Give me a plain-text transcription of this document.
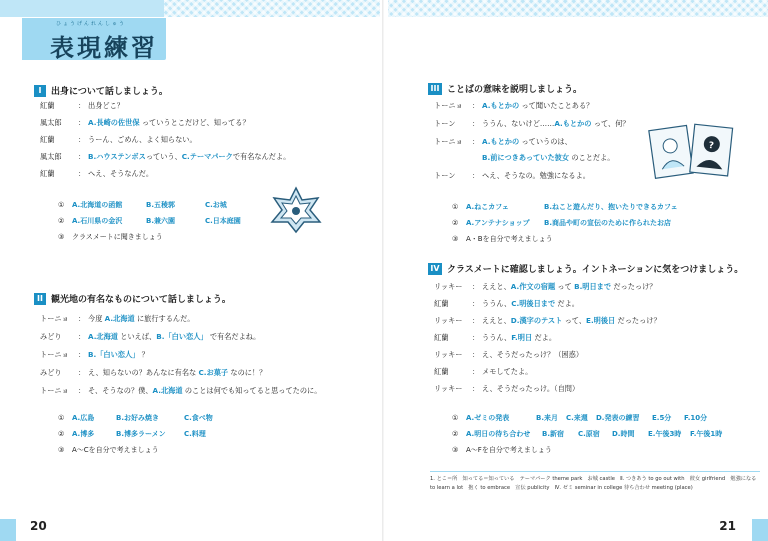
ひょうげんれんしゅう
表現練習
I	出身について話しましょう。
紅蘭	： 出身どこ？
風太郎 ： A.長崎の佐世保 っていうとこだけど、知ってる？
紅蘭	： うーん、ごめん、よく知らない。
風太郎 ： B.ハウステンボスっていう、C.テーマパークで有名なんだよ。
紅蘭	： へえ、そうなんだ。
① A.北海道の函館	B.五稜郭	C.お城
② A.石川県の金沢	B.兼六園	C.日本庭園
③ クラスメートに聞きましょう
II 観光地の有名なものについて話しましょう。
トーニョ ： 今度 A.北海道 に旅行するんだ。
みどり ： A.北海道 といえば、B.「白い恋人」 で有名だよね。
トーニョ ： B.「白い恋人」 ？
みどり ： え、知らないの？あんなに有名な C.お菓子 なのに！？
トーニョ ： そ、そうなの？僕、A.北海道 のことは何でも知ってると思ってたのに。
① A.広島	B.お好み焼き	C.食べ物
② A.博多	B.博多ラーメン	C.料理
③ A〜Cを自分で考えましょう
20
III ことばの意味を説明しましょう。
トーニョ ： A.もとかの って聞いたことある？
トーン ： ううん、ないけど……A.もとかの って、何？
トーニョ ： A.もとかの っていうのは、
B.前につきあっていた彼女 のことだよ。
トーン ： へえ、そうなの。勉強になるよ。
?
① A.ねこカフェ	B.ねこと遊んだり、抱いたりできるカフェ
② A.アンテナショップ B.商品や町の宣伝のために作られたお店
③ A・Bを自分で考えましょう
IV クラスメートに確認しましょう。イントネーションに気をつけましょう。
リッキー ： ええと、A.作文の宿題 って B.明日まで だったっけ？
紅蘭	： ううん、C.明後日まで だよ。
リッキー ： ええと、D.漢字のテスト って、E.明後日 だったっけ？
紅蘭	： ううん、F.明日 だよ。
リッキー ： え、そうだったっけ？（困惑）
紅蘭	： メモしてたよ。
リッキー ： え、そうだったっけ。（自問）
① A.ゼミの発表	B.来月 C.来週 D.発表の練習 E.5分 F.10分
② A.明日の待ち合わせ B.新宿 C.原宿 D.時間 E.午後3時 F.午後1時
③ A〜Fを自分で考えましょう
1. とこ＝所　知ってる＝知っている　テーマパーク theme park　お城 castle　Ⅱ. つきあう to go out with　彼女 girlfriend　勉強になる to learn a lot　抱く to embrace　宣伝 publicity　Ⅳ. ゼミ seminar in college 待ち合わせ meeting (place)
21
